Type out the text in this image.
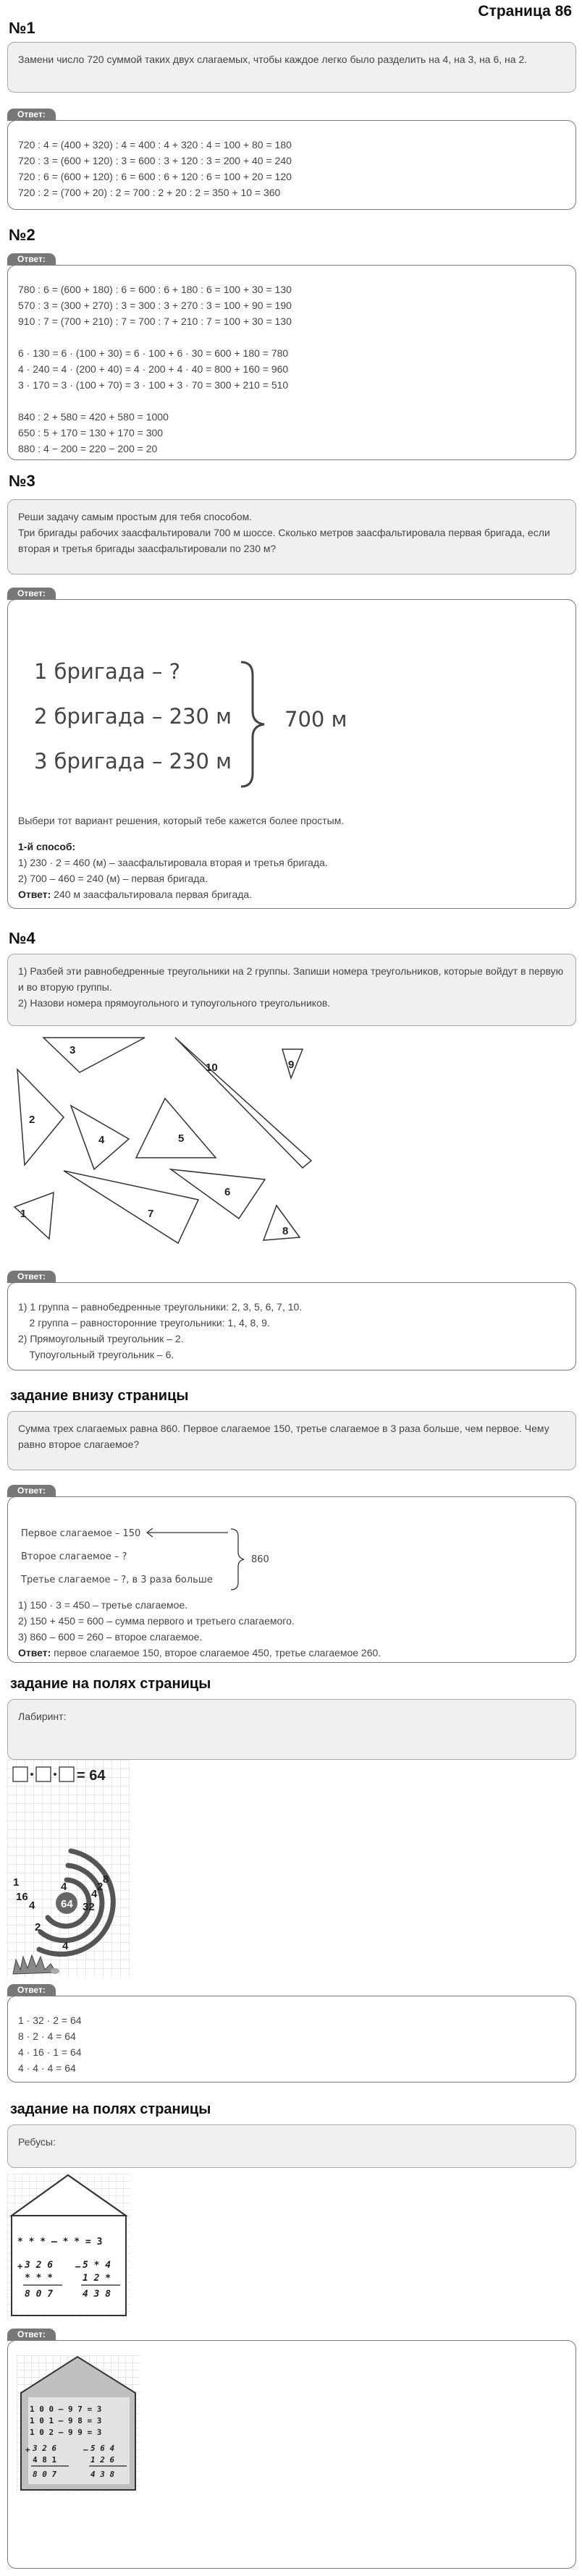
Страница 86
№1
Замени число 720 суммой таких двух слагаемых, чтобы каждое легко было разделить на 4, на 3, на 6, на 2.
Ответ:
720 : 4 = (400 + 320) : 4 = 400 : 4 + 320 : 4 = 100 + 80 = 180
720 : 3 = (600 + 120) : 3 = 600 : 3 + 120 : 3 = 200 + 40 = 240
720 : 6 = (600 + 120) : 6 = 600 : 6 + 120 : 6 = 100 + 20 = 120
720 : 2 = (700 + 20) : 2 = 700 : 2 + 20 : 2 = 350 + 10 = 360
№2
Ответ:
780 : 6 = (600 + 180) : 6 = 600 : 6 + 180 : 6 = 100 + 30 = 130
570 : 3 = (300 + 270) : 3 = 300 : 3 + 270 : 3 = 100 + 90 = 190
910 : 7 = (700 + 210) : 7 = 700 : 7 + 210 : 7 = 100 + 30 = 130
6 · 130 = 6 · (100 + 30) = 6 · 100 + 6 · 30 = 600 + 180 = 780
4 · 240 = 4 · (200 + 40) = 4 · 200 + 4 · 40 = 800 + 160 = 960
3 · 170 = 3 · (100 + 70) = 3 · 100 + 3 · 70 = 300 + 210 = 510
840 : 2 + 580 = 420 + 580 = 1000
650 : 5 + 170 = 130 + 170 = 300
880 : 4 − 200 = 220 − 200 = 20
№3
Реши задачу самым простым для тебя способом.
Три бригады рабочих заасфальтировали 700 м шоссе. Сколько метров заасфальтировала первая бригада, если вторая и третья бригады заасфальтировали по 230 м?
Ответ:
1 бригада – ?
2 бригада – 230 м
3 бригада – 230 м
700 м
Выбери тот вариант решения, который тебе кажется более простым.
1-й способ:
1) 230 · 2 = 460 (м) – заасфальтировала вторая и третья бригада.
2) 700 – 460 = 240 (м) – первая бригада.
Ответ: 240 м заасфальтировала первая бригада.
№4
1) Разбей эти равнобедренные треугольники на 2 группы. Запиши номера треугольников, которые войдут в первую и во вторую группы.
2) Назови номера прямоугольного и тупоугольного треугольников.
3
10	9
2
4	5
6
8
1	7
Ответ:
1) 1 группа – равнобедренные треугольники: 2, 3, 5, 6, 7, 10.
2 группа – равносторонние треугольники: 1, 4, 8, 9.
2) Прямоугольный треугольник – 2.
Тупоугольный треугольник – 6.
задание внизу страницы
Сумма трех слагаемых равна 860. Первое слагаемое 150, третье слагаемое в 3 раза больше, чем первое. Чему равно второе слагаемое?
Ответ:
Первое слагаемое – 150
Второе слагаемое – ?
Третье слагаемое – ?, в 3 раза больше
860
1) 150 · 3 = 450 – третье слагаемое.
2) 150 + 450 = 600 – сумма первого и третьего слагаемого.
3) 860 – 600 = 260 – второе слагаемое.
Ответ: первое слагаемое 150, второе слагаемое 450, третье слагаемое 260.
задание на полях страницы
Лабиринт:
= 64
64
1
16
4	32
2
8
4
2
4
4
Ответ:
1 · 32 · 2 = 64
8 · 2 · 4 = 64
4 · 16 · 1 = 64
4 · 4 · 4 = 64
задание на полях страницы
Ребусы:
* * * – * * = 3
+ 3 2 6
* * *
8 0 7
– 5 * 4
1 2 *
4 3 8
Ответ:
1 0 0 – 9 7 = 3
1 0 1 – 9 8 = 3
1 0 2 – 9 9 = 3
+ 3 2 6
4 8 1
8 0 7
– 5 6 4
1 2 6
4 3 8
